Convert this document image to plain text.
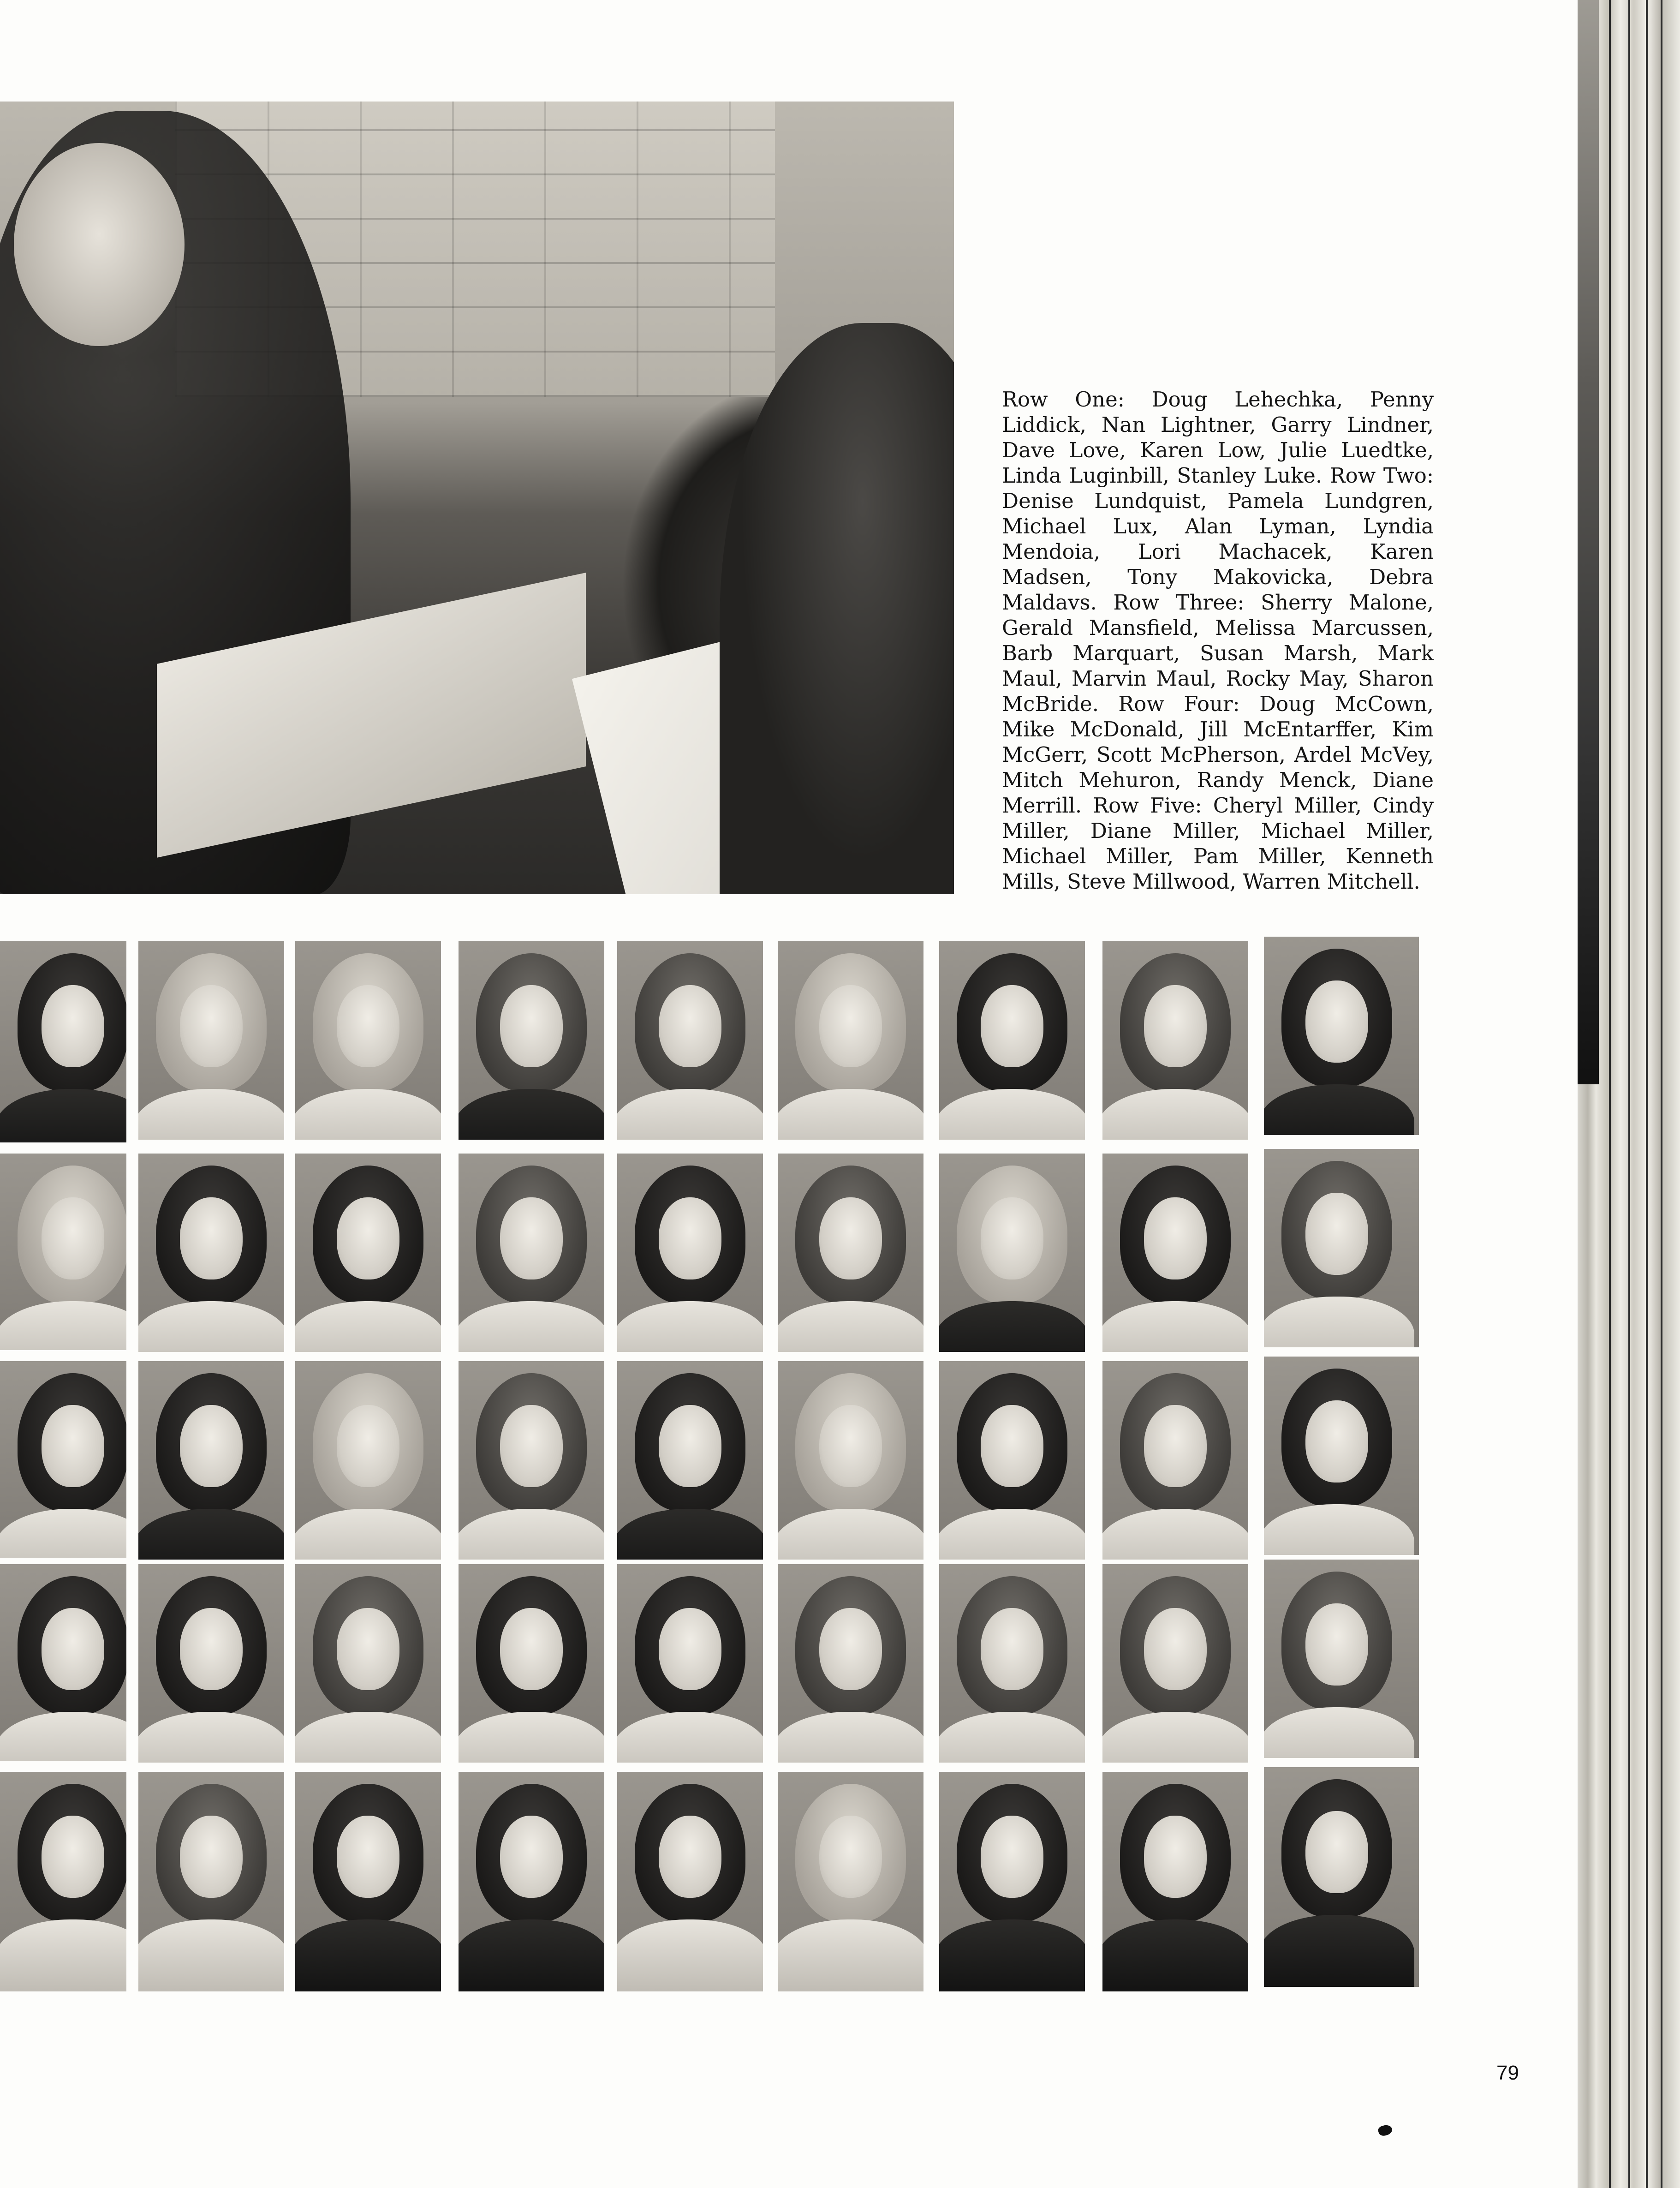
Row One: Doug Lehechka, Penny Liddick, Nan Lightner, Garry Lindner, Dave Love, Karen Low, Julie Luedtke, Linda Luginbill, Stanley Luke. Row Two: Denise Lundquist, Pamela Lundgren, Michael Lux, Alan Lyman, Lyndia Mendoia, Lori Machacek, Karen Madsen, Tony Makovicka, Debra Maldavs. Row Three: Sherry Malone, Gerald Mansfield, Melissa Marcussen, Barb Marquart, Susan Marsh, Mark Maul, Marvin Maul, Rocky May, Sharon McBride. Row Four: Doug McCown, Mike McDonald, Jill McEntarffer, Kim McGerr, Scott McPherson, Ardel McVey, Mitch Mehuron, Randy Menck, Diane Merrill. Row Five: Cheryl Miller, Cindy Miller, Diane Miller, Michael Miller, Michael Miller, Pam Miller, Kenneth Mills, Steve Millwood, Warren Mitchell.

79
